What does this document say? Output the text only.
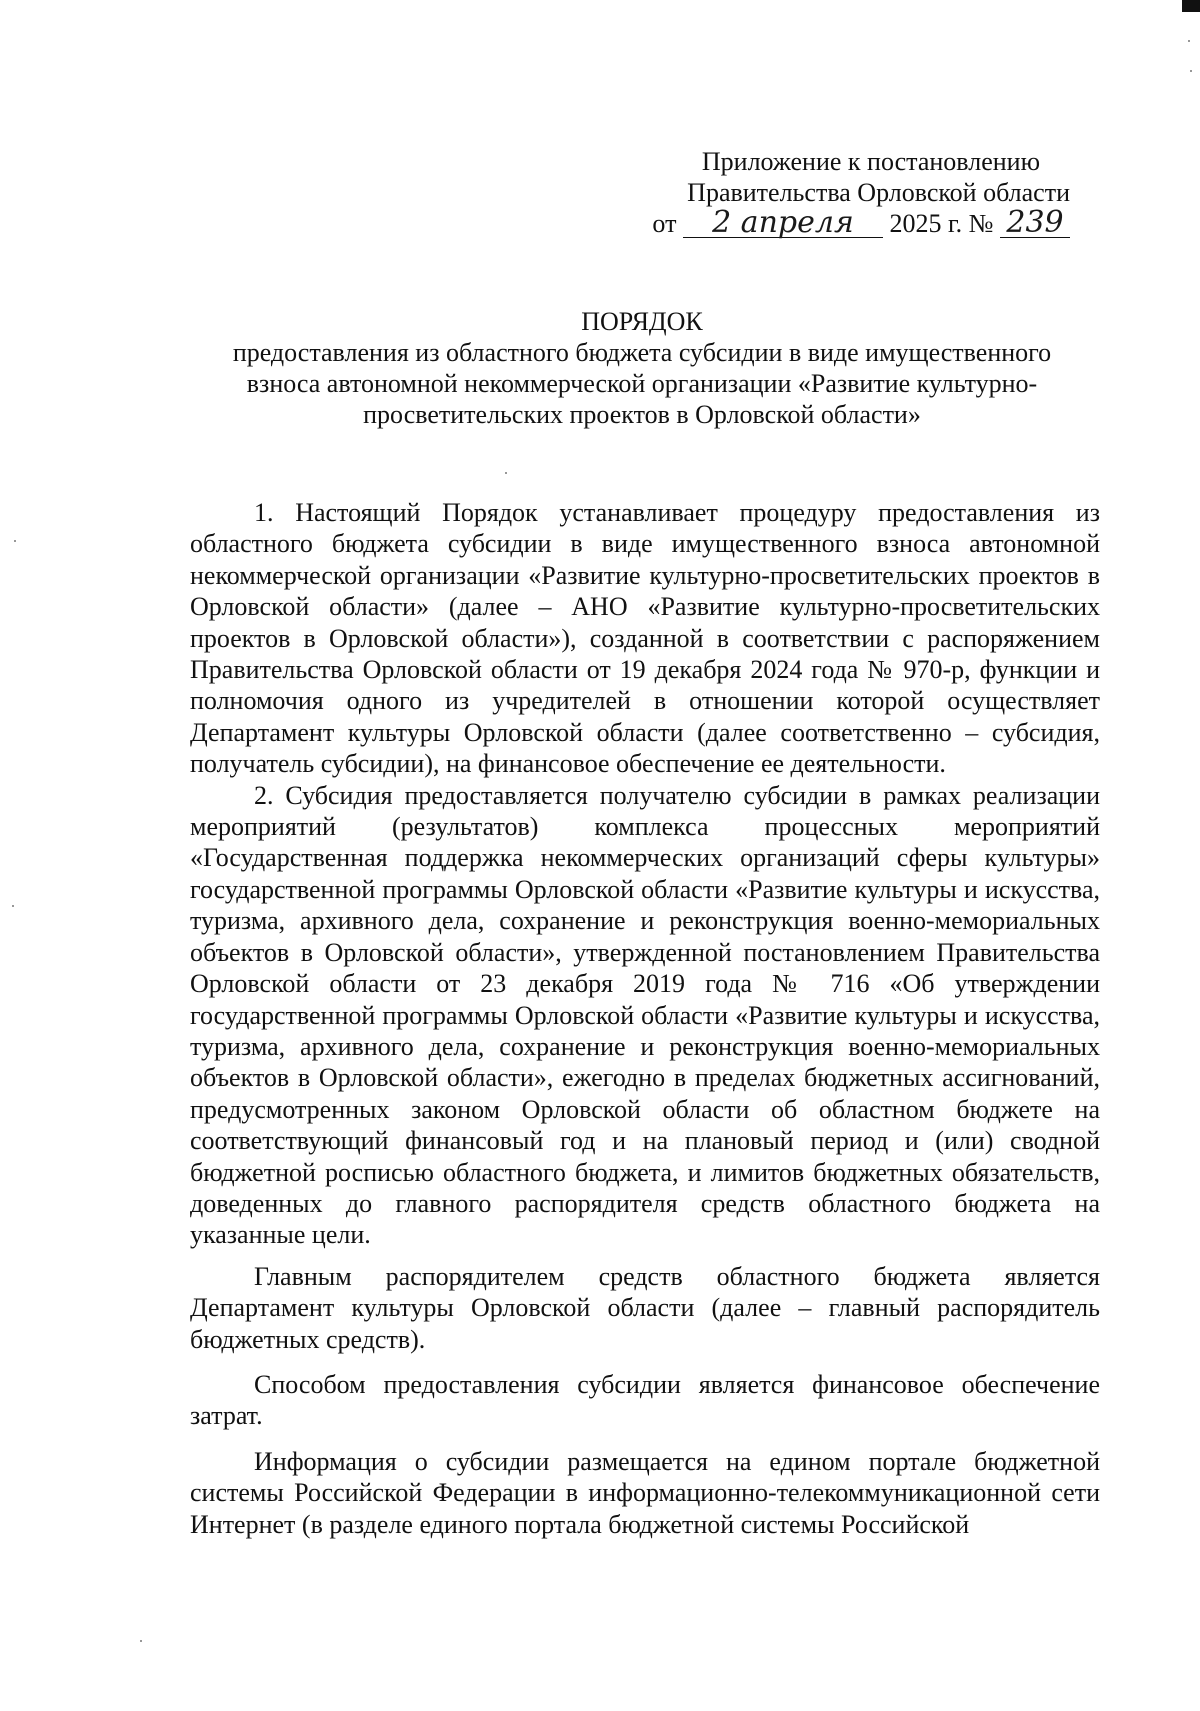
Приложение к постановлению
Правительства Орловской области
от 2 апреля 2025 г. № 239
ПОРЯДОК
предоставления из областного бюджета субсидии в виде имущественного
взноса автономной некоммерческой организации «Развитие культурно-
просветительских проектов в Орловской области»

1. Настоящий Порядок устанавливает процедуру предоставления из областного бюджета субсидии в виде имущественного взноса автономной некоммерческой организации «Развитие культурно-просветительских проектов в Орловской области» (далее – АНО «Развитие культурно-просветительских проектов в Орловской области»), созданной в соответствии с распоряжением Правительства Орловской области от 19 декабря 2024 года № 970-р, функции и полномочия одного из учредителей в отношении которой осуществляет Департамент культуры Орловской области (далее соответственно – субсидия, получатель субсидии), на финансовое обеспечение ее деятельности.

2. Субсидия предоставляется получателю субсидии в рамках реализации мероприятий (результатов) комплекса процессных мероприятий «Государственная поддержка некоммерческих организаций сферы культуры» государственной программы Орловской области «Развитие культуры и искусства, туризма, архивного дела, сохранение и реконструкция военно-мемориальных объектов в Орловской области», утвержденной постановлением Правительства Орловской области от 23 декабря 2019 года № 716 «Об утверждении государственной программы Орловской области «Развитие культуры и искусства, туризма, архивного дела, сохранение и реконструкция военно-мемориальных объектов в Орловской области», ежегодно в пределах бюджетных ассигнований, предусмотренных законом Орловской области об областном бюджете на соответствующий финансовый год и на плановый период и (или) сводной бюджетной росписью областного бюджета, и лимитов бюджетных обязательств, доведенных до главного распорядителя средств областного бюджета на указанные цели.

Главным распорядителем средств областного бюджета является Департамент культуры Орловской области (далее – главный распорядитель бюджетных средств).

Способом предоставления субсидии является финансовое обеспечение затрат.

Информация о субсидии размещается на едином портале бюджетной системы Российской Федерации в информационно-телекоммуникационной сети Интернет (в разделе единого портала бюджетной системы Российской
